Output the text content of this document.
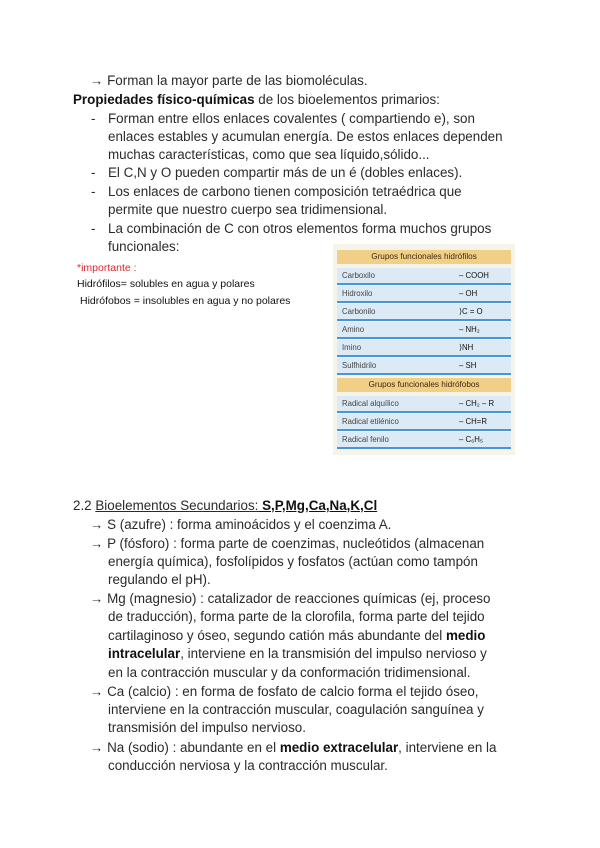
→ Forman la mayor parte de las biomoléculas.
Propiedades físico-químicas de los bioelementos primarios:
- Forman entre ellos enlaces covalentes ( compartiendo e), son
enlaces estables y acumulan energía. De estos enlaces dependen
muchas características, como que sea líquido,sólido...
- El C,N y O pueden compartir más de un é (dobles enlaces).
- Los enlaces de carbono tienen composición tetraédrica que
permite que nuestro cuerpo sea tridimensional.
- La combinación de C con otros elementos forma muchos grupos
funcionales:
*importante :
Hidrófilos= solubles en agua y polares
Hidrófobos = insolubles en agua y no polares
Grupos funcionales hidrófilos
Carboxilo	– COOH
Hidroxilo	– OH
Carbonilo	⟩C = O
Amino	– NH₂
Imino	⟩NH
Sulfhidrilo	– SH
Grupos funcionales hidrófobos
Radical alquílico	– CH₂ – R
Radical etilénico	– CH=R
Radical fenilo	– C₆H₅
2.2 Bioelementos Secundarios: S,P,Mg,Ca,Na,K,Cl
→ S (azufre) : forma aminoácidos y el coenzima A.
→ P (fósforo) : forma parte de coenzimas, nucleótidos (almacenan
energía química), fosfolípidos y fosfatos (actúan como tampón
regulando el pH).
→ Mg (magnesio) : catalizador de reacciones químicas (ej, proceso
de traducción), forma parte de la clorofila, forma parte del tejido
cartilaginoso y óseo, segundo catión más abundante del medio
intracelular, interviene en la transmisión del impulso nervioso y
en la contracción muscular y da conformación tridimensional.
→ Ca (calcio) : en forma de fosfato de calcio forma el tejido óseo,
interviene en la contracción muscular, coagulación sanguínea y
transmisión del impulso nervioso.
→ Na (sodio) : abundante en el medio extracelular, interviene en la
conducción nerviosa y la contracción muscular.
